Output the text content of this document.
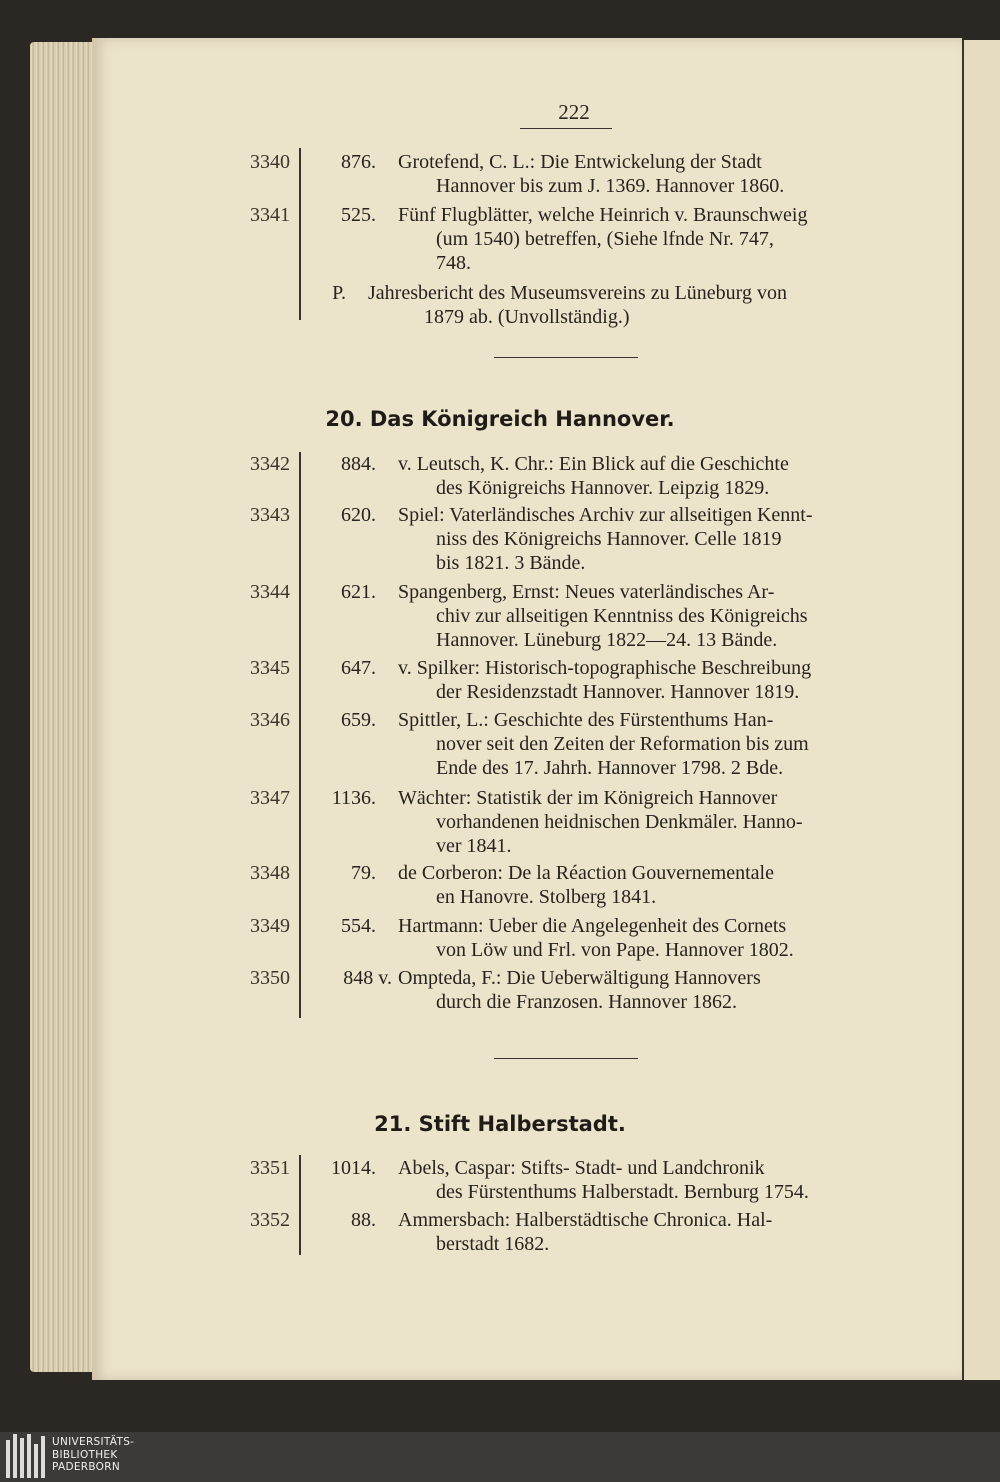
222
3340	876. Grotefend, C. L.: Die Entwickelung der Stadt
Hannover bis zum J. 1369. Hannover 1860.
3341	525. Fünf Flugblätter, welche Heinrich v. Braunschweig
(um 1540) betreffen, (Siehe lfnde Nr. 747,
748.
P. Jahresbericht des Museumsvereins zu Lüneburg von
1879 ab. (Unvollständig.)
20. Das Königreich Hannover.
3342	884. v. Leutsch, K. Chr.: Ein Blick auf die Geschichte
des Königreichs Hannover. Leipzig 1829.
3343	620. Spiel: Vaterländisches Archiv zur allseitigen Kennt-
niss des Königreichs Hannover. Celle 1819
bis 1821. 3 Bände.
3344	621. Spangenberg, Ernst: Neues vaterländisches Ar-
chiv zur allseitigen Kenntniss des Königreichs
Hannover. Lüneburg 1822—24. 13 Bände.
3345	647. v. Spilker: Historisch-topographische Beschreibung
der Residenzstadt Hannover. Hannover 1819.
3346	659. Spittler, L.: Geschichte des Fürstenthums Han-
nover seit den Zeiten der Reformation bis zum
Ende des 17. Jahrh. Hannover 1798. 2 Bde.
3347	1136. Wächter: Statistik der im Königreich Hannover
vorhandenen heidnischen Denkmäler. Hanno-
ver 1841.
3348	79. de Corberon: De la Réaction Gouvernementale
en Hanovre. Stolberg 1841.
3349	554. Hartmann: Ueber die Angelegenheit des Cornets
von Löw und Frl. von Pape. Hannover 1802.
3350	848 v. Ompteda, F.: Die Ueberwältigung Hannovers
durch die Franzosen. Hannover 1862.
21. Stift Halberstadt.
3351	1014. Abels, Caspar: Stifts- Stadt- und Landchronik
des Fürstenthums Halberstadt. Bernburg 1754.
3352	88. Ammersbach: Halberstädtische Chronica. Hal-
berstadt 1682.
UNIVERSITÄTS-
BIBLIOTHEK
PADERBORN
